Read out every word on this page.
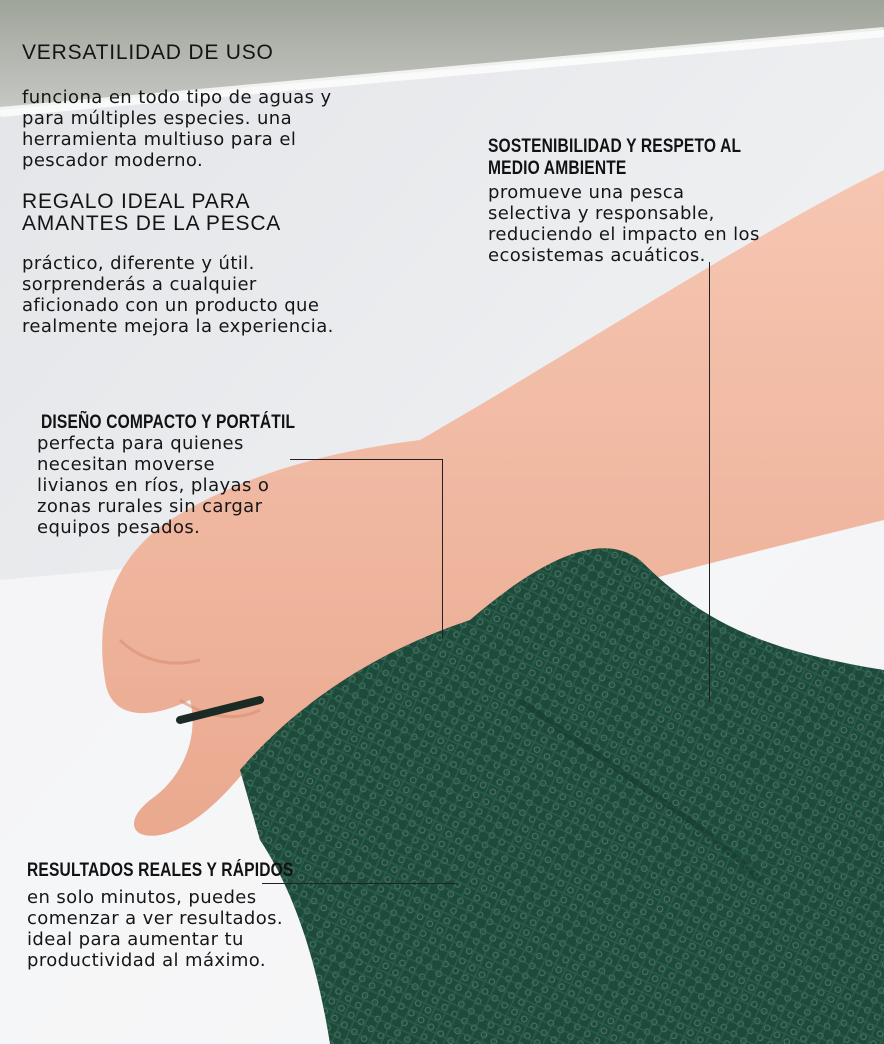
VERSATILIDAD DE USO
funciona en todo tipo de aguas y
para múltiples especies. una
herramienta multiuso para el
pescador moderno.
REGALO IDEAL PARA
AMANTES DE LA PESCA
práctico, diferente y útil.
sorprenderás a cualquier
aficionado con un producto que
realmente mejora la experiencia.
SOSTENIBILIDAD Y RESPETO AL
MEDIO AMBIENTE
promueve una pesca
selectiva y responsable,
reduciendo el impacto en los
ecosistemas acuáticos.
DISEÑO COMPACTO Y PORTÁTIL
perfecta para quienes
necesitan moverse
livianos en ríos, playas o
zonas rurales sin cargar
equipos pesados.
RESULTADOS REALES Y RÁPIDOS
en solo minutos, puedes
comenzar a ver resultados.
ideal para aumentar tu
productividad al máximo.
